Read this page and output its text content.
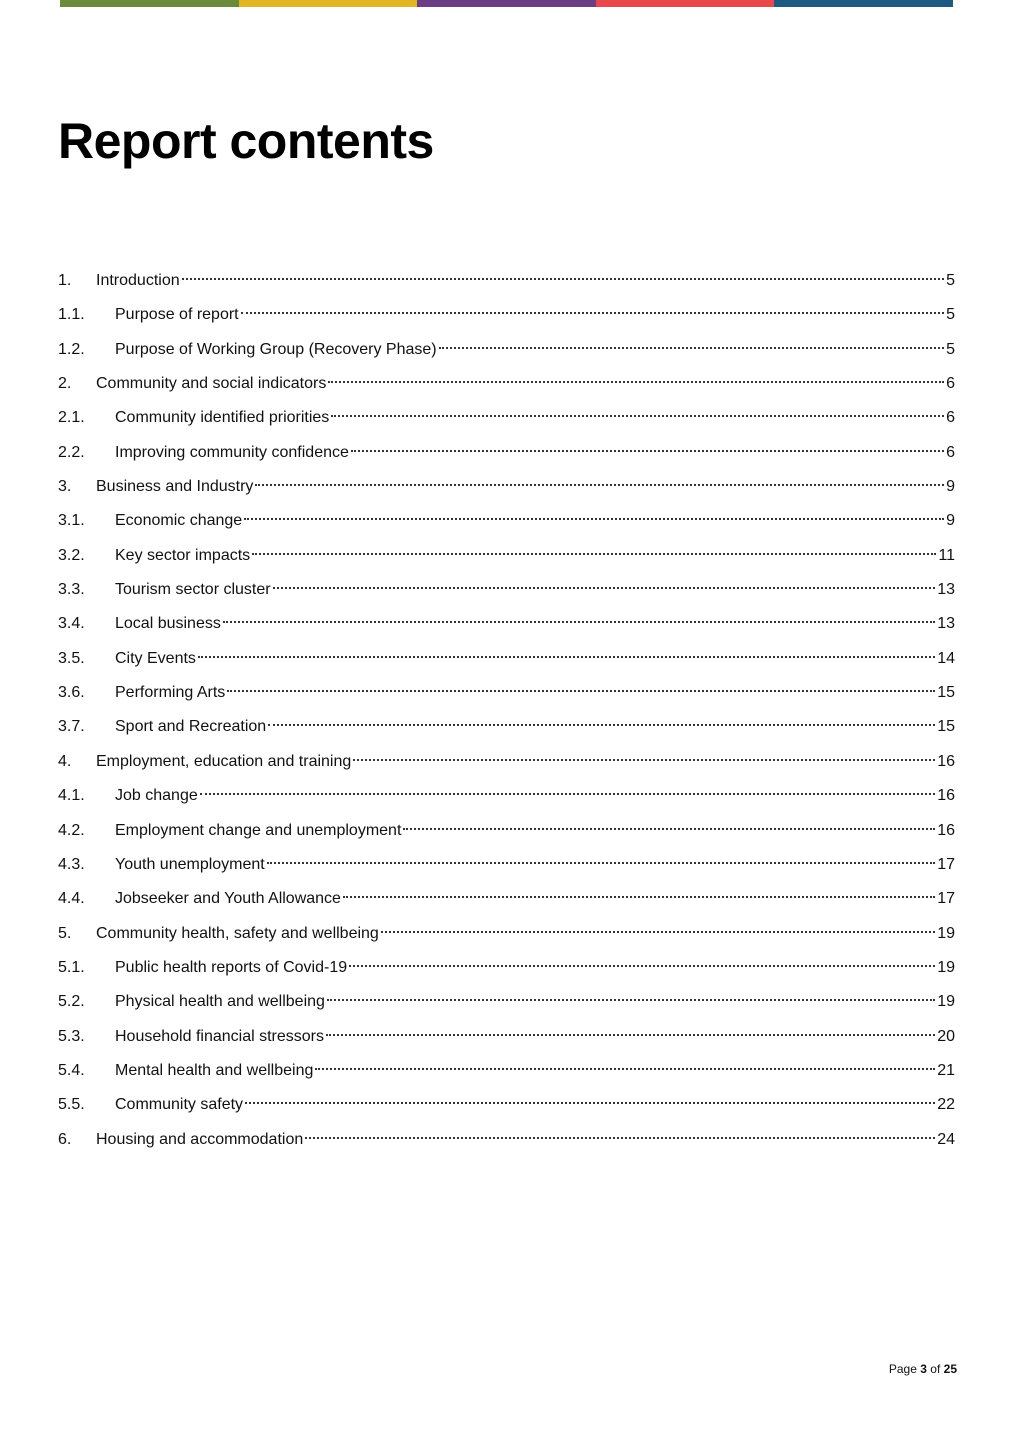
Report contents
1.	Introduction	5
1.1.	Purpose of report	5
1.2.	Purpose of Working Group (Recovery Phase)	5
2.	Community and social indicators	6
2.1.	Community identified priorities	6
2.2.	Improving community confidence	6
3.	Business and Industry	9
3.1.	Economic change	9
3.2.	Key sector impacts	11
3.3.	Tourism sector cluster	13
3.4.	Local business	13
3.5.	City Events	14
3.6.	Performing Arts	15
3.7.	Sport and Recreation	15
4.	Employment, education and training	16
4.1.	Job change	16
4.2.	Employment change and unemployment	16
4.3.	Youth unemployment	17
4.4.	Jobseeker and Youth Allowance	17
5.	Community health, safety and wellbeing	19
5.1.	Public health reports of Covid-19	19
5.2.	Physical health and wellbeing	19
5.3.	Household financial stressors	20
5.4.	Mental health and wellbeing	21
5.5.	Community safety	22
6.	Housing and accommodation	24
Page 3 of 25
